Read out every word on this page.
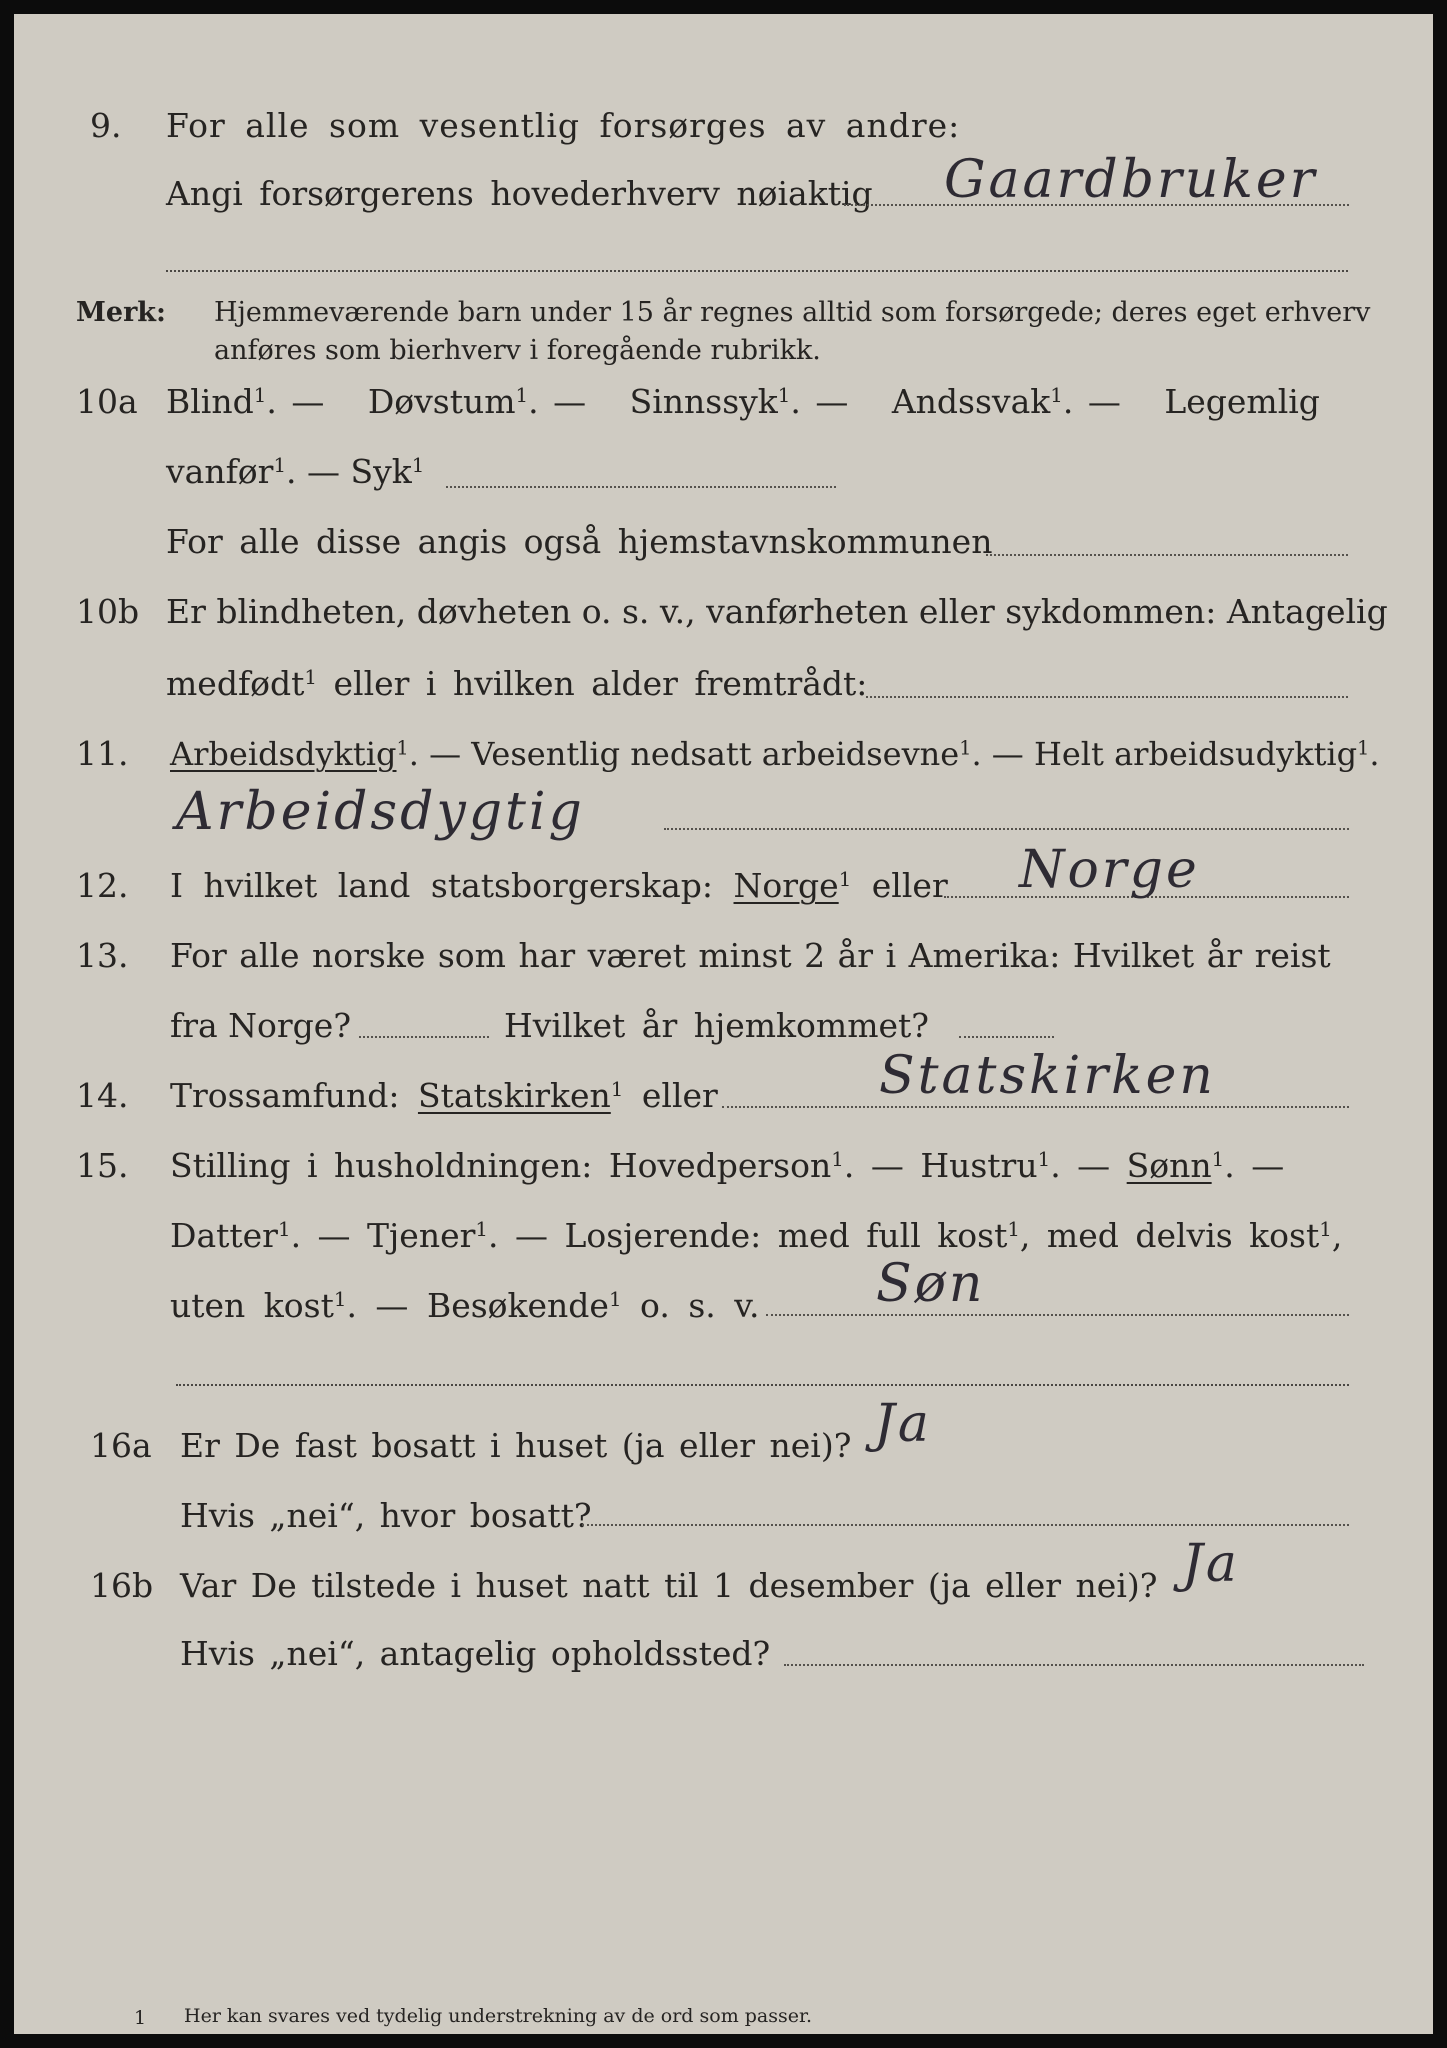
9. For alle som vesentlig forsørges av andre:
Angi forsørgerens hovederhverv nøiaktig Gaardbruker
Merk: Hjemmeværende barn under 15 år regnes alltid som forsørgede; deres eget erhverv
anføres som bierhverv i foregående rubrikk.
10a Blind$^1$. — Døvstum$^1$. — Sinnssyk$^1$. — Andssvak$^1$. — Legemlig
vanfør$^1$. — Syk$^1$
For alle disse angis også hjemstavnskommunen
10b Er blindheten, døvheten o. s. v., vanførheten eller sykdommen: Antagelig
medfødt$^1$ eller i hvilken alder fremtrådt:
11. Arbeidsdyktig$^1$. — Vesentlig nedsatt arbeidsevne$^1$. — Helt arbeidsudyktig$^1$.
Arbeidsdygtig
12. I hvilket land statsborgerskap: Norge$^1$ eller Norge
13. For alle norske som har været minst 2 år i Amerika: Hvilket år reist
fra Norge?	Hvilket år hjemkommet?
14. Trossamfund: Statskirken$^1$ eller	Statskirken
15. Stilling i husholdningen: Hovedperson$^1$. — Hustru$^1$. — Sønn$^1$. —
Datter$^1$. — Tjener$^1$. — Losjerende: med full kost$^1$, med delvis kost$^1$,
uten kost$^1$. — Besøkende$^1$ o. s. v. Søn
16a Er De fast bosatt i huset (ja eller nei)? Ja
Hvis „nei“, hvor bosatt?
16b Var De tilstede i huset natt til 1 desember (ja eller nei)? Ja
Hvis „nei“, antagelig opholdssted?
1 Her kan svares ved tydelig understrekning av de ord som passer.
